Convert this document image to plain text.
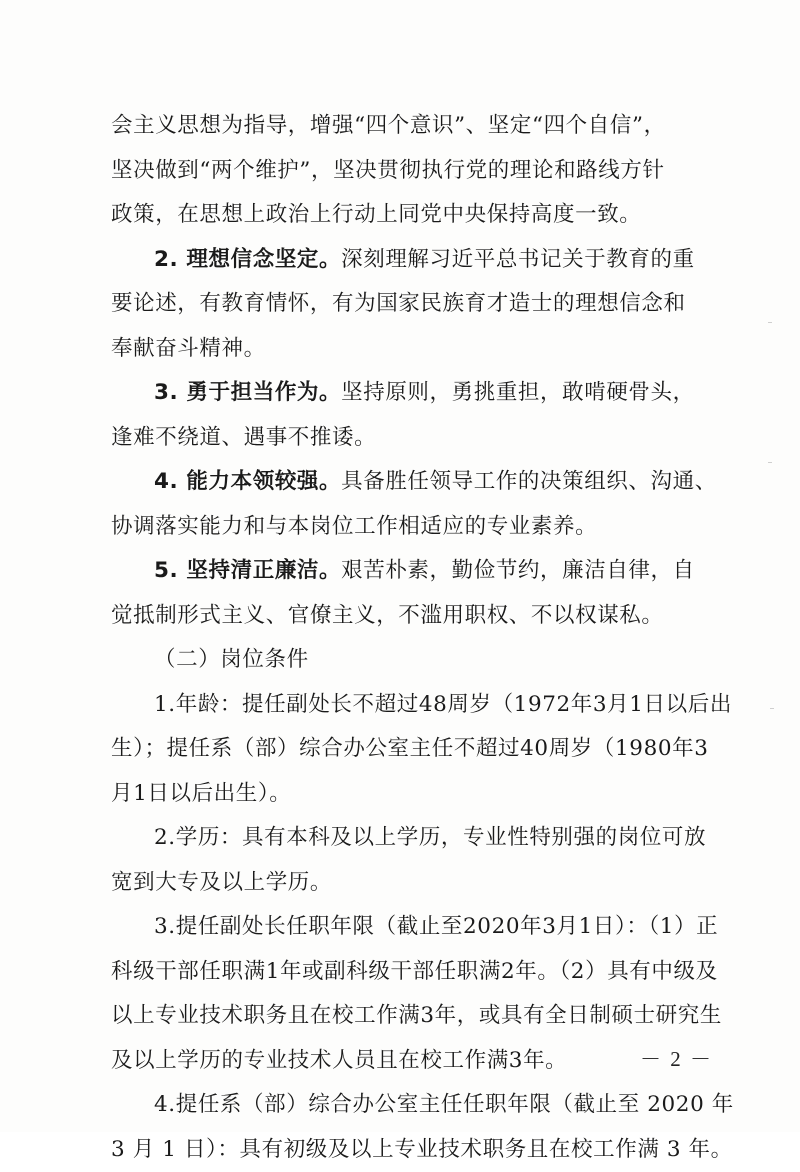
会主义思想为指导，增强“四个意识”、坚定“四个自信”，
坚决做到“两个维护”，坚决贯彻执行党的理论和路线方针
政策，在思想上政治上行动上同党中央保持高度一致。

2. 理想信念坚定。深刻理解习近平总书记关于教育的重
要论述，有教育情怀，有为国家民族育才造士的理想信念和
奉献奋斗精神。

3. 勇于担当作为。坚持原则，勇挑重担，敢啃硬骨头，
逢难不绕道、遇事不推诿。

4. 能力本领较强。具备胜任领导工作的决策组织、沟通、
协调落实能力和与本岗位工作相适应的专业素养。

5. 坚持清正廉洁。艰苦朴素，勤俭节约，廉洁自律，自
觉抵制形式主义、官僚主义，不滥用职权、不以权谋私。

（二）岗位条件

1.年龄：提任副处长不超过48周岁（1972年3月1日以后出
生）；提任系（部）综合办公室主任不超过40周岁（1980年3
月1日以后出生）。

2.学历：具有本科及以上学历，专业性特别强的岗位可放
宽到大专及以上学历。

3.提任副处长任职年限（截止至2020年3月1日）：（1）正
科级干部任职满1年或副科级干部任职满2年。（2）具有中级及
以上专业技术职务且在校工作满3年，或具有全日制硕士研究生
及以上学历的专业技术人员且在校工作满3年。

4.提任系（部）综合办公室主任任职年限（截止至 2020 年
3 月 1 日）：具有初级及以上专业技术职务且在校工作满 3 年。

－ 2 －
